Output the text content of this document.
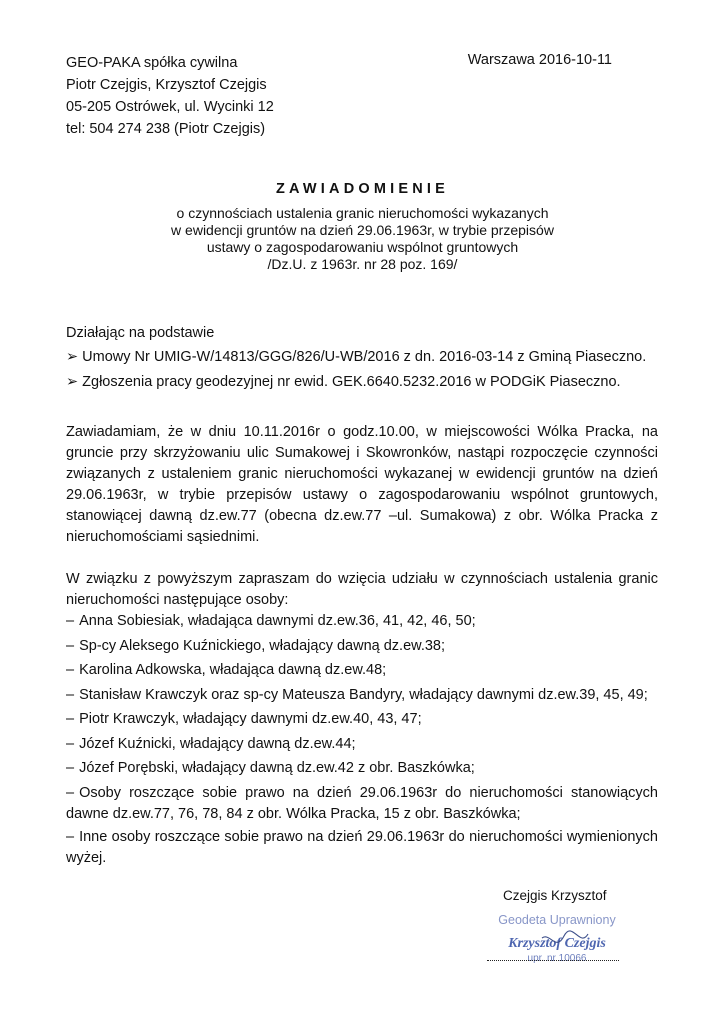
GEO-PAKA spółka cywilna
Piotr Czejgis, Krzysztof Czejgis
05-205 Ostrówek, ul. Wycinki 12
tel: 504 274 238 (Piotr Czejgis)
Warszawa 2016-10-11
ZAWIADOMIENIE
o czynnościach ustalenia granic nieruchomości wykazanych
w ewidencji gruntów na dzień 29.06.1963r, w trybie przepisów
ustawy o zagospodarowaniu wspólnot gruntowych
/Dz.U. z 1963r. nr 28 poz. 169/
Działając na podstawie
➢ Umowy Nr UMIG-W/14813/GGG/826/U-WB/2016 z dn. 2016-03-14 z Gminą Piaseczno.
➢ Zgłoszenia pracy geodezyjnej nr ewid. GEK.6640.5232.2016 w PODGiK Piaseczno.
Zawiadamiam, że w dniu 10.11.2016r o godz.10.00, w miejscowości Wólka Pracka, na gruncie przy skrzyżowaniu ulic Sumakowej i Skowronków, nastąpi rozpoczęcie czynności związanych z ustaleniem granic nieruchomości wykazanej w ewidencji gruntów na dzień 29.06.1963r, w trybie przepisów ustawy o zagospodarowaniu wspólnot gruntowych, stanowiącej dawną dz.ew.77 (obecna dz.ew.77 –ul. Sumakowa) z obr. Wólka Pracka z nieruchomościami sąsiednimi.
W związku z powyższym zapraszam do wzięcia udziału w czynnościach ustalenia granic nieruchomości następujące osoby:
– Anna Sobiesiak, władająca dawnymi dz.ew.36, 41, 42, 46, 50;
– Sp-cy Aleksego Kuźnickiego, władający dawną dz.ew.38;
– Karolina Adkowska, władająca dawną dz.ew.48;
– Stanisław Krawczyk oraz sp-cy Mateusza Bandyry, władający dawnymi dz.ew.39, 45, 49;
– Piotr Krawczyk, władający dawnymi dz.ew.40, 43, 47;
– Józef Kuźnicki, władający dawną dz.ew.44;
– Józef Porębski, władający dawną dz.ew.42 z obr. Baszkówka;
– Osoby roszczące sobie prawo na dzień 29.06.1963r do nieruchomości stanowiących dawne dz.ew.77, 76, 78, 84 z obr. Wólka Pracka, 15 z obr. Baszkówka;
– Inne osoby roszczące sobie prawo na dzień 29.06.1963r do nieruchomości wymienionych wyżej.
Czejgis Krzysztof
Geodeta Uprawniony
Krzysztof Czejgis
upr. nr 10066
